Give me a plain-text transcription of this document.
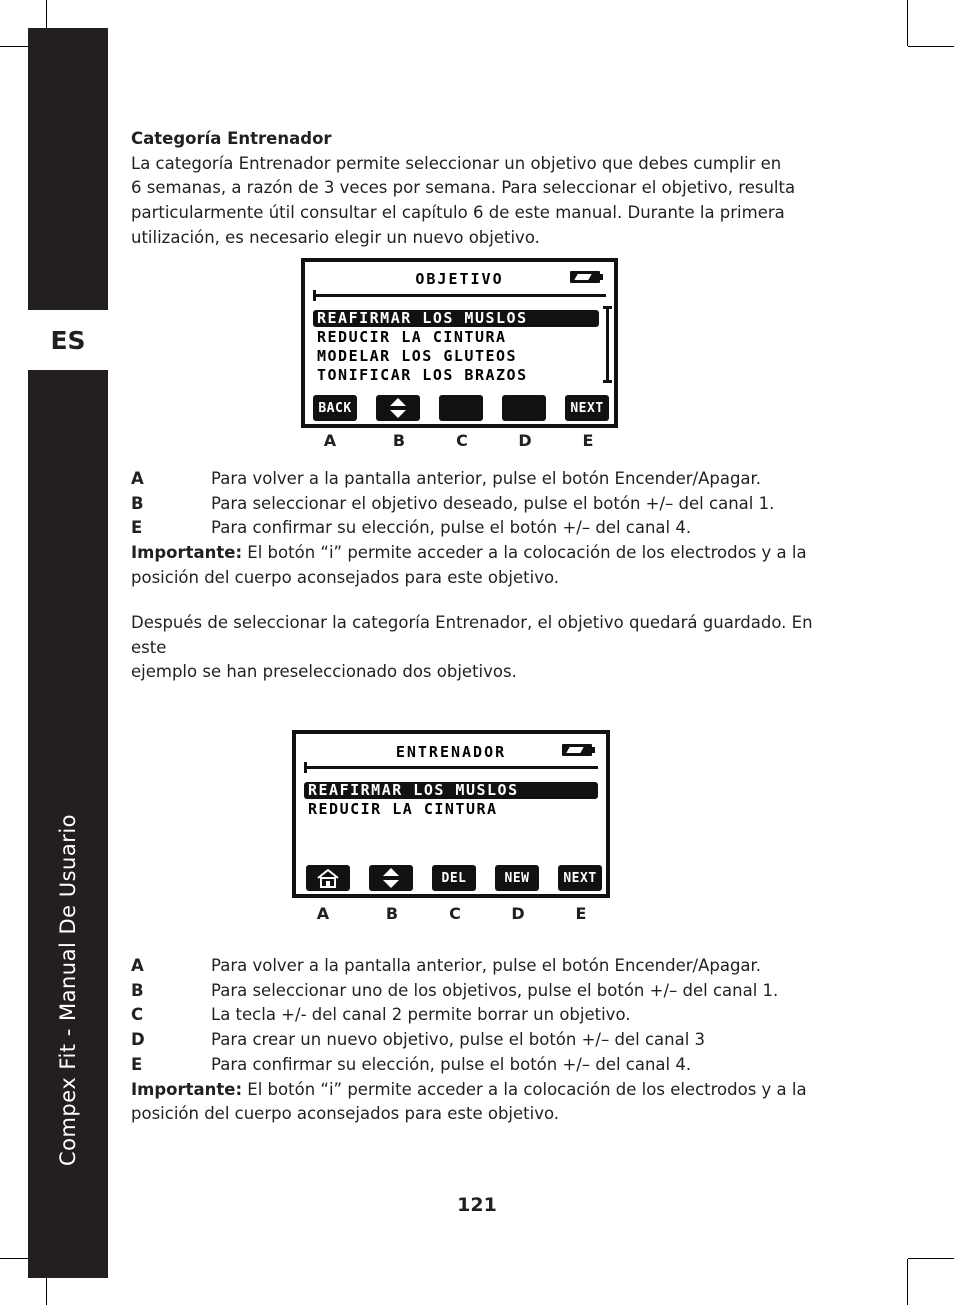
ES
Compex Fit - Manual De Usuario

Categoría Entrenador

La categoría Entrenador permite seleccionar un objetivo que debes cumplir en

6 semanas, a razón de 3 veces por semana. Para seleccionar el objetivo, resulta

particularmente útil consultar el capítulo 6 de este manual. Durante la primera

utilización, es necesario elegir un nuevo objetivo.

OBJETIVO
REAFIRMAR LOS MUSLOS
REDUCIR LA CINTURA
MODELAR LOS GLUTEOS
TONIFICAR LOS BRAZOS
BACK	NEXT
A	B	C	D	E
A	Para volver a la pantalla anterior, pulse el botón Encender/Apagar.
B	Para seleccionar el objetivo deseado, pulse el botón +/– del canal 1.
E	Para confirmar su elección, pulse el botón +/– del canal 4.

Importante: El botón “i” permite acceder a la colocación de los electrodos y a la

posición del cuerpo aconsejados para este objetivo.

Después de seleccionar la categoría Entrenador, el objetivo quedará guardado. En este

ejemplo se han preseleccionado dos objetivos.

ENTRENADOR
REAFIRMAR LOS MUSLOS
REDUCIR LA CINTURA
DEL	NEW	NEXT
A	B	C	D	E
A	Para volver a la pantalla anterior, pulse el botón Encender/Apagar.
B	Para seleccionar uno de los objetivos, pulse el botón +/– del canal 1.
C	La tecla +/- del canal 2 permite borrar un objetivo.
D	Para crear un nuevo objetivo, pulse el botón +/– del canal 3
E	Para confirmar su elección, pulse el botón +/– del canal 4.

Importante: El botón “i” permite acceder a la colocación de los electrodos y a la

posición del cuerpo aconsejados para este objetivo.

121
